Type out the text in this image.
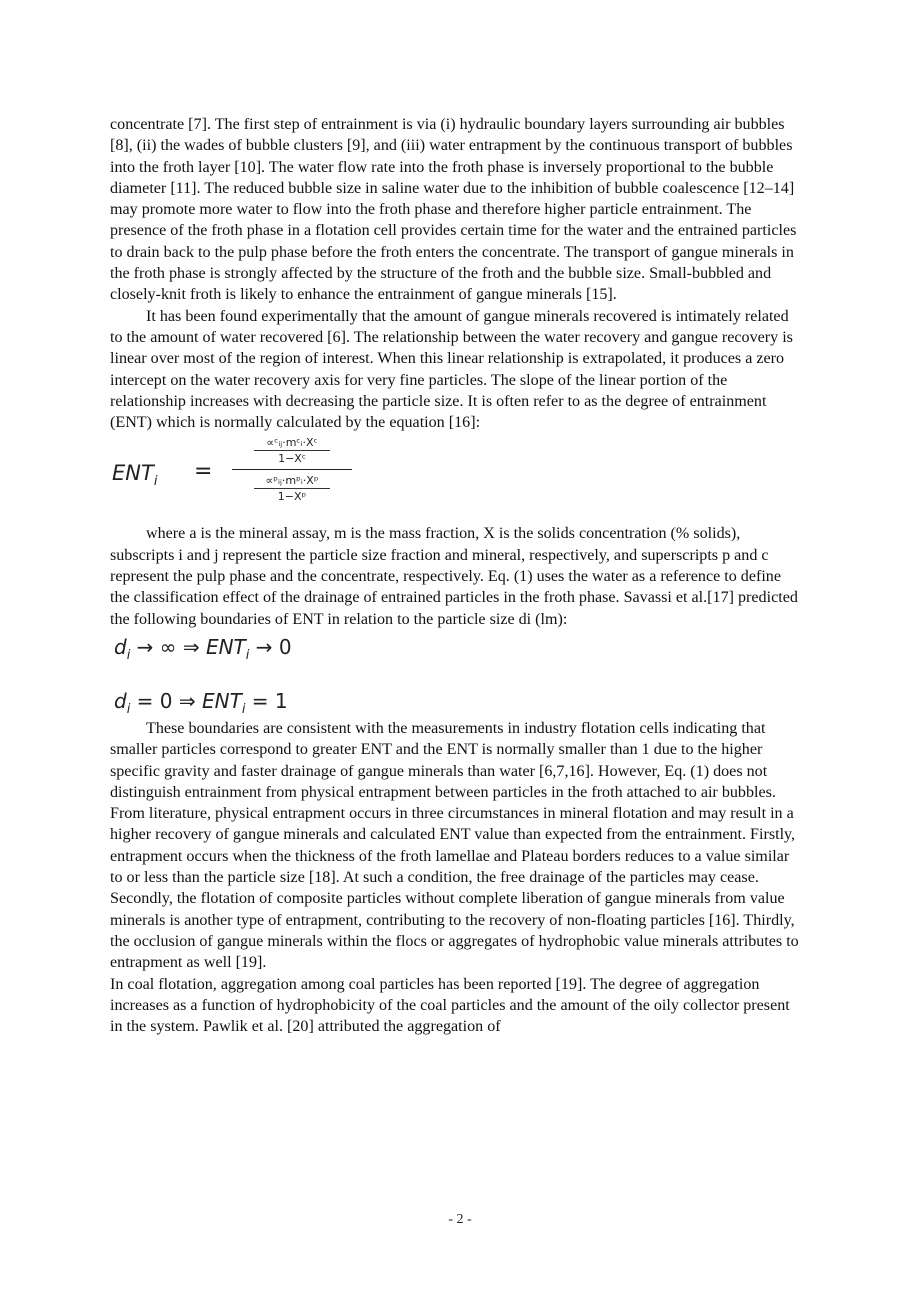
concentrate [7]. The first step of entrainment is via (i) hydraulic boundary layers surrounding air bubbles [8], (ii) the wades of bubble clusters [9], and (iii) water entrapment by the continuous transport of bubbles into the froth layer [10]. The water flow rate into the froth phase is inversely proportional to the bubble diameter [11]. The reduced bubble size in saline water due to the inhibition of bubble coalescence [12–14] may promote more water to flow into the froth phase and therefore higher particle entrainment. The presence of the froth phase in a flotation cell provides certain time for the water and the entrained particles to drain back to the pulp phase before the froth enters the concentrate. The transport of gangue minerals in the froth phase is strongly affected by the structure of the froth and the bubble size. Small-bubbled and closely-knit froth is likely to enhance the entrainment of gangue minerals [15].

It has been found experimentally that the amount of gangue minerals recovered is intimately related to the amount of water recovered [6]. The relationship between the water recovery and gangue recovery is linear over most of the region of interest. When this linear relationship is extrapolated, it produces a zero intercept on the water recovery axis for very fine particles. The slope of the linear portion of the relationship increases with decreasing the particle size. It is often refer to as the degree of entrainment (ENT) which is normally calculated by the equation [16]:

$ENT_i$ =
∝ᶜᵢⱼ·mᶜᵢ·Xᶜ
1−Xᶜ
∝ᵖᵢⱼ·mᵖᵢ·Xᵖ
1−Xᵖ

where a is the mineral assay, m is the mass fraction, X is the solids concentration (% solids), subscripts i and j represent the particle size fraction and mineral, respectively, and superscripts p and c represent the pulp phase and the concentrate, respectively. Eq. (1) uses the water as a reference to define the classification effect of the drainage of entrained particles in the froth phase. Savassi et al.[17] predicted the following boundaries of ENT in relation to the particle size di (lm):

$d_i$ → ∞ ⇒ $ENT_i \to 0$
$d_i = 0$ ⇒ $ENT_i = 1$

These boundaries are consistent with the measurements in industry flotation cells indicating that smaller particles correspond to greater ENT and the ENT is normally smaller than 1 due to the higher specific gravity and faster drainage of gangue minerals than water [6,7,16]. However, Eq. (1) does not distinguish entrainment from physical entrapment between particles in the froth attached to air bubbles. From literature, physical entrapment occurs in three circumstances in mineral flotation and may result in a higher recovery of gangue minerals and calculated ENT value than expected from the entrainment. Firstly, entrapment occurs when the thickness of the froth lamellae and Plateau borders reduces to a value similar to or less than the particle size [18]. At such a condition, the free drainage of the particles may cease. Secondly, the flotation of composite particles without complete liberation of gangue minerals from value minerals is another type of entrapment, contributing to the recovery of non-floating particles [16]. Thirdly, the occlusion of gangue minerals within the flocs or aggregates of hydrophobic value minerals attributes to entrapment as well [19].

In coal flotation, aggregation among coal particles has been reported [19]. The degree of aggregation increases as a function of hydrophobicity of the coal particles and the amount of the oily collector present in the system. Pawlik et al. [20] attributed the aggregation of

- 2 -
